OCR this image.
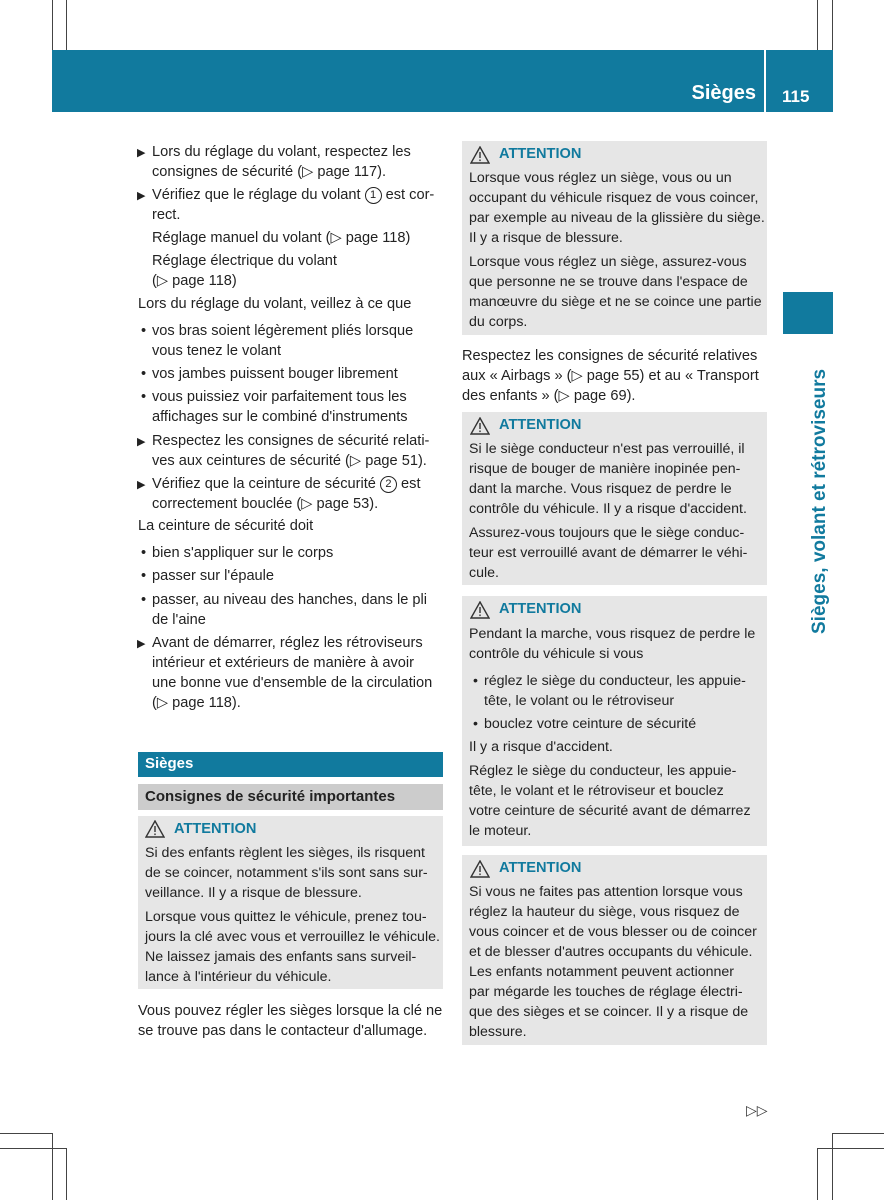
Sièges 115
Sièges, volant et rétroviseurs
▶ Lors du réglage du volant, respectez les
consignes de sécurité (▷ page 117).
▶ Vérifiez que le réglage du volant 1 est cor-
rect.
Réglage manuel du volant (▷ page 118)
Réglage électrique du volant
(▷ page 118)
Lors du réglage du volant, veillez à ce que
• vos bras soient légèrement pliés lorsque
vous tenez le volant
• vos jambes puissent bouger librement
• vous puissiez voir parfaitement tous les
affichages sur le combiné d'instruments
▶ Respectez les consignes de sécurité relati-
ves aux ceintures de sécurité (▷ page 51).
▶ Vérifiez que la ceinture de sécurité 2 est
correctement bouclée (▷ page 53).
La ceinture de sécurité doit
• bien s'appliquer sur le corps
• passer sur l'épaule
• passer, au niveau des hanches, dans le pli
de l'aine
▶ Avant de démarrer, réglez les rétroviseurs
intérieur et extérieurs de manière à avoir
une bonne vue d'ensemble de la circulation
(▷ page 118).
Sièges
Consignes de sécurité importantes
ATTENTION
Si des enfants règlent les sièges, ils risquent
de se coincer, notamment s'ils sont sans sur-
veillance. Il y a risque de blessure.
Lorsque vous quittez le véhicule, prenez tou-
jours la clé avec vous et verrouillez le véhicule.
Ne laissez jamais des enfants sans surveil-
lance à l'intérieur du véhicule.
Vous pouvez régler les sièges lorsque la clé ne
se trouve pas dans le contacteur d'allumage.
ATTENTION
Lorsque vous réglez un siège, vous ou un
occupant du véhicule risquez de vous coincer,
par exemple au niveau de la glissière du siège.
Il y a risque de blessure.
Lorsque vous réglez un siège, assurez-vous
que personne ne se trouve dans l'espace de
manœuvre du siège et ne se coince une partie
du corps.
Respectez les consignes de sécurité relatives
aux « Airbags » (▷ page 55) et au « Transport
des enfants » (▷ page 69).
ATTENTION
Si le siège conducteur n'est pas verrouillé, il
risque de bouger de manière inopinée pen-
dant la marche. Vous risquez de perdre le
contrôle du véhicule. Il y a risque d'accident.
Assurez-vous toujours que le siège conduc-
teur est verrouillé avant de démarrer le véhi-
cule.
ATTENTION
Pendant la marche, vous risquez de perdre le
contrôle du véhicule si vous
• réglez le siège du conducteur, les appuie-
tête, le volant ou le rétroviseur
• bouclez votre ceinture de sécurité
Il y a risque d'accident.
Réglez le siège du conducteur, les appuie-
tête, le volant et le rétroviseur et bouclez
votre ceinture de sécurité avant de démarrez
le moteur.
ATTENTION
Si vous ne faites pas attention lorsque vous
réglez la hauteur du siège, vous risquez de
vous coincer et de vous blesser ou de coincer
et de blesser d'autres occupants du véhicule.
Les enfants notamment peuvent actionner
par mégarde les touches de réglage électri-
que des sièges et se coincer. Il y a risque de
blessure.
▷▷
